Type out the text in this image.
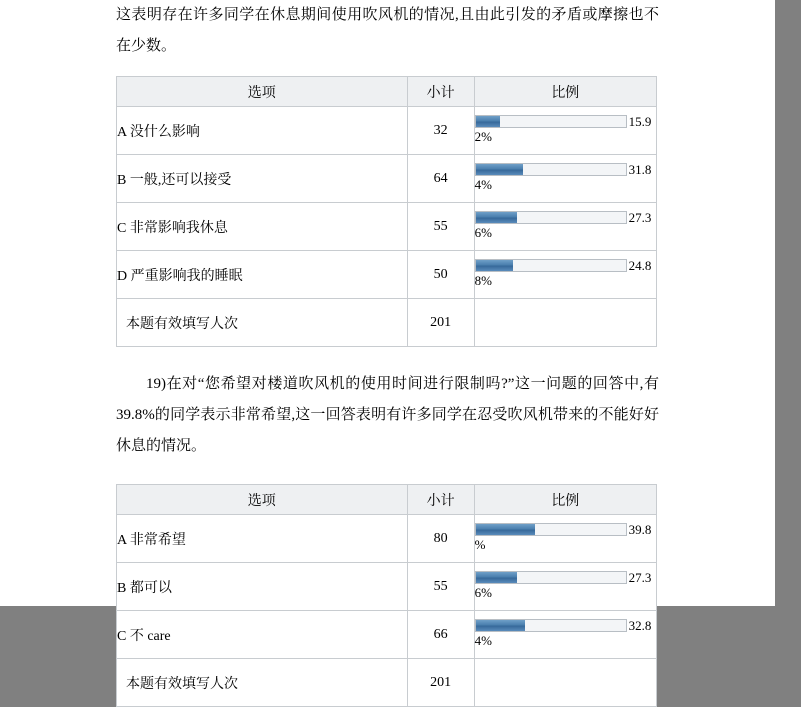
这表明存在许多同学在休息期间使用吹风机的情况,且由此引发的矛盾或摩擦也不在少数。

选项	小计	比例
A 没什么影响	32	15.9
2%

B 一般,还可以接受	64	31.8
4%

C 非常影响我休息	55	27.3
6%

D 严重影响我的睡眠	50	24.8
8%

本题有效填写人次	201	

19)在对“您希望对楼道吹风机的使用时间进行限制吗?”这一问题的回答中,有 39.8%的同学表示非常希望,这一回答表明有许多同学在忍受吹风机带来的不能好好休息的情况。

选项	小计	比例
A 非常希望	80	39.8
%

B 都可以	55	27.3
6%

C 不 care	66	32.8
4%

本题有效填写人次	201	
